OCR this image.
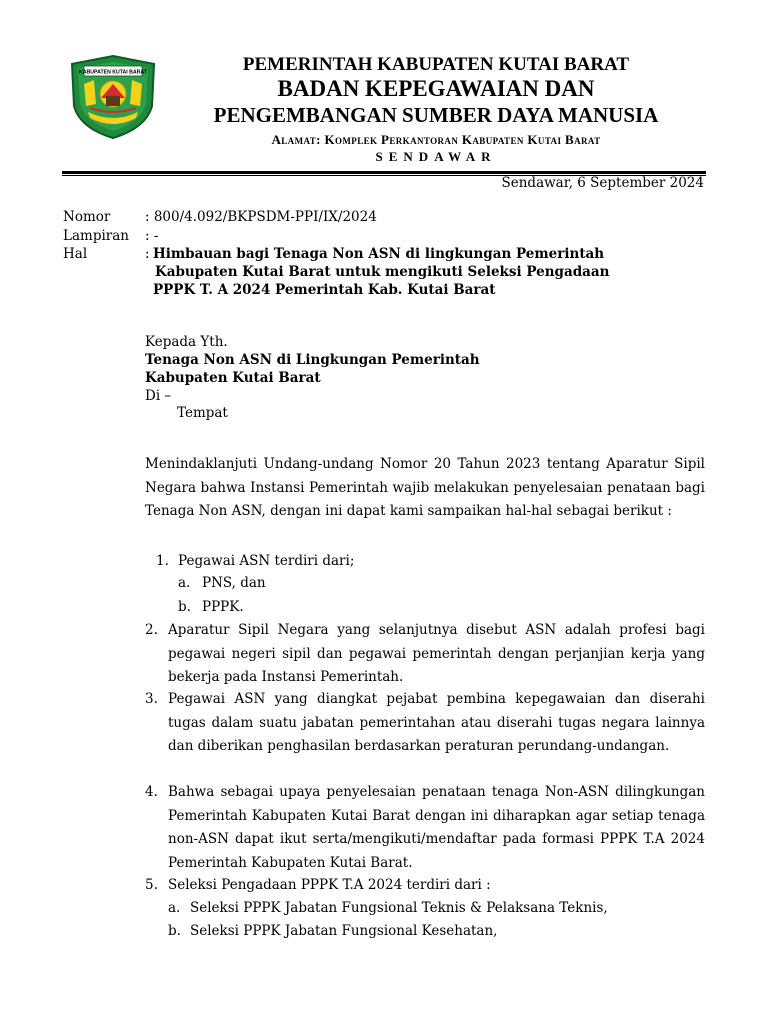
KABUPATEN KUTAI BARAT	PEMERINTAH KABUPATEN KUTAI BARAT
BADAN KEPEGAWAIAN DAN
PENGEMBANGAN SUMBER DAYA MANUSIA
Alamat: Komplek Perkantoran Kabupaten Kutai Barat
SENDAWAR
Sendawar, 6 September 2024
Nomor	: 800/4.092/BKPSDM-PPI/IX/2024
Lampiran : -
Hal	: Himbauan bagi Tenaga Non ASN di lingkungan Pemerintah
Kabupaten Kutai Barat untuk mengikuti Seleksi Pengadaan
PPPK T. A 2024 Pemerintah Kab. Kutai Barat
Kepada Yth.
Tenaga Non ASN di Lingkungan Pemerintah
Kabupaten Kutai Barat
Di –
Tempat
Menindaklanjuti Undang-undang Nomor 20 Tahun 2023 tentang Aparatur Sipil Negara bahwa Instansi Pemerintah wajib melakukan penyelesaian penataan bagi Tenaga Non ASN, dengan ini dapat kami sampaikan hal-hal sebagai berikut :
1. Pegawai ASN terdiri dari;
a. PNS, dan
b. PPPK.
2. Aparatur Sipil Negara yang selanjutnya disebut ASN adalah profesi bagi pegawai negeri sipil dan pegawai pemerintah dengan perjanjian kerja yang bekerja pada Instansi Pemerintah.
3. Pegawai ASN yang diangkat pejabat pembina kepegawaian dan diserahi tugas dalam suatu jabatan pemerintahan atau diserahi tugas negara lainnya dan diberikan penghasilan berdasarkan peraturan perundang-undangan.
4. Bahwa sebagai upaya penyelesaian penataan tenaga Non-ASN dilingkungan Pemerintah Kabupaten Kutai Barat dengan ini diharapkan agar setiap tenaga non-ASN dapat ikut serta/mengikuti/mendaftar pada formasi PPPK T.A 2024 Pemerintah Kabupaten Kutai Barat.
5. Seleksi Pengadaan PPPK T.A 2024 terdiri dari :
a. Seleksi PPPK Jabatan Fungsional Teknis & Pelaksana Teknis,
b. Seleksi PPPK Jabatan Fungsional Kesehatan,
